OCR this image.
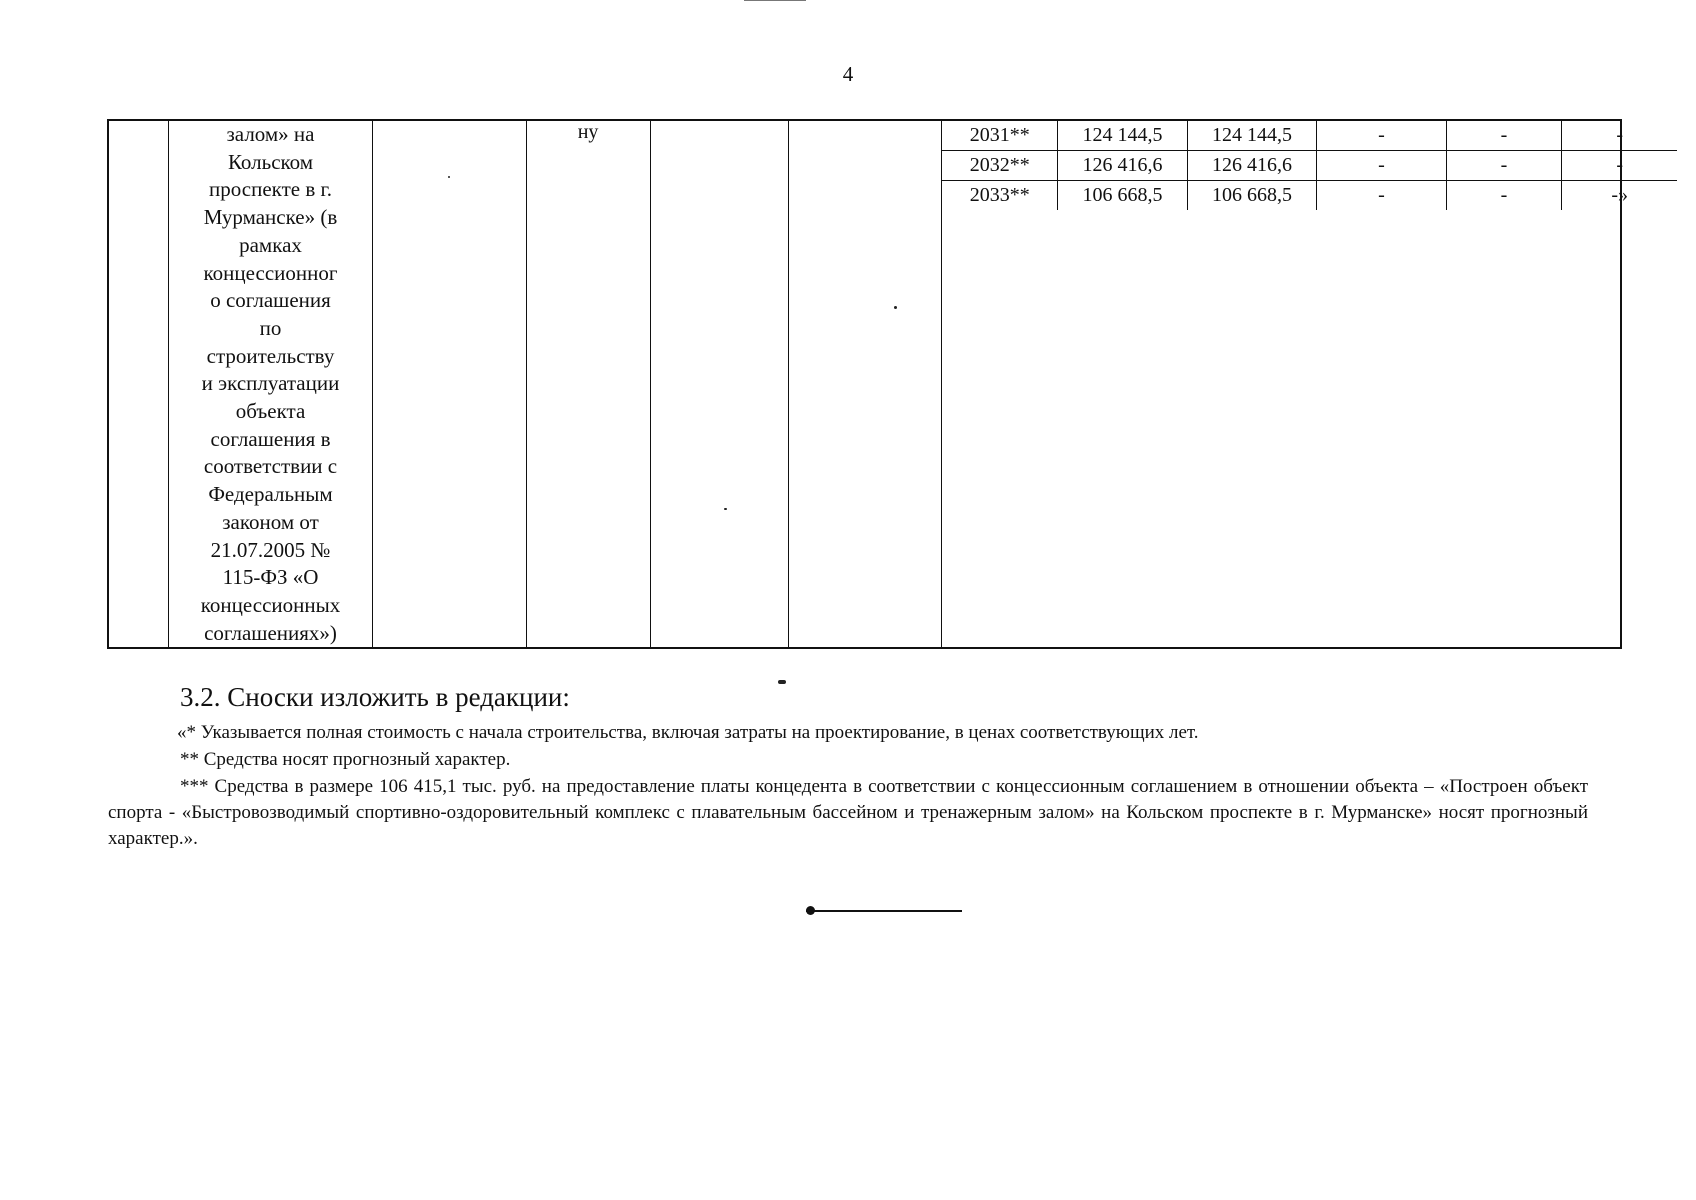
4

залом» на
Кольском
проспекте в г.
Мурманске» (в
рамках
концессионног
о соглашения
по
строительству
и эксплуатации
объекта
соглашения в
соответствии с
Федеральным
законом от
21.07.2005 №
115-ФЗ «О
концессионных
соглашениях»)
		ну				2031**	124 144,5	124 144,5	-	-	-
2032**	126 416,6	126 416,6	-	-	-
2033**	106 668,5	106 668,5	-	-	-»
3.2. Сноски изложить в редакции:
«* Указывается полная стоимость с начала строительства, включая затраты на проектирование, в ценах соответствующих лет.
** Средства носят прогнозный характер.
*** Средства в размере 106 415,1 тыс. руб. на предоставление платы концедента в соответствии с концессионным соглашением в отношении объекта – «Построен объект спорта - «Быстровозводимый спортивно-оздоровительный комплекс с плавательным бассейном и тренажерным залом» на Кольском проспекте в г. Мурманске» носят прогнозный характер.».
